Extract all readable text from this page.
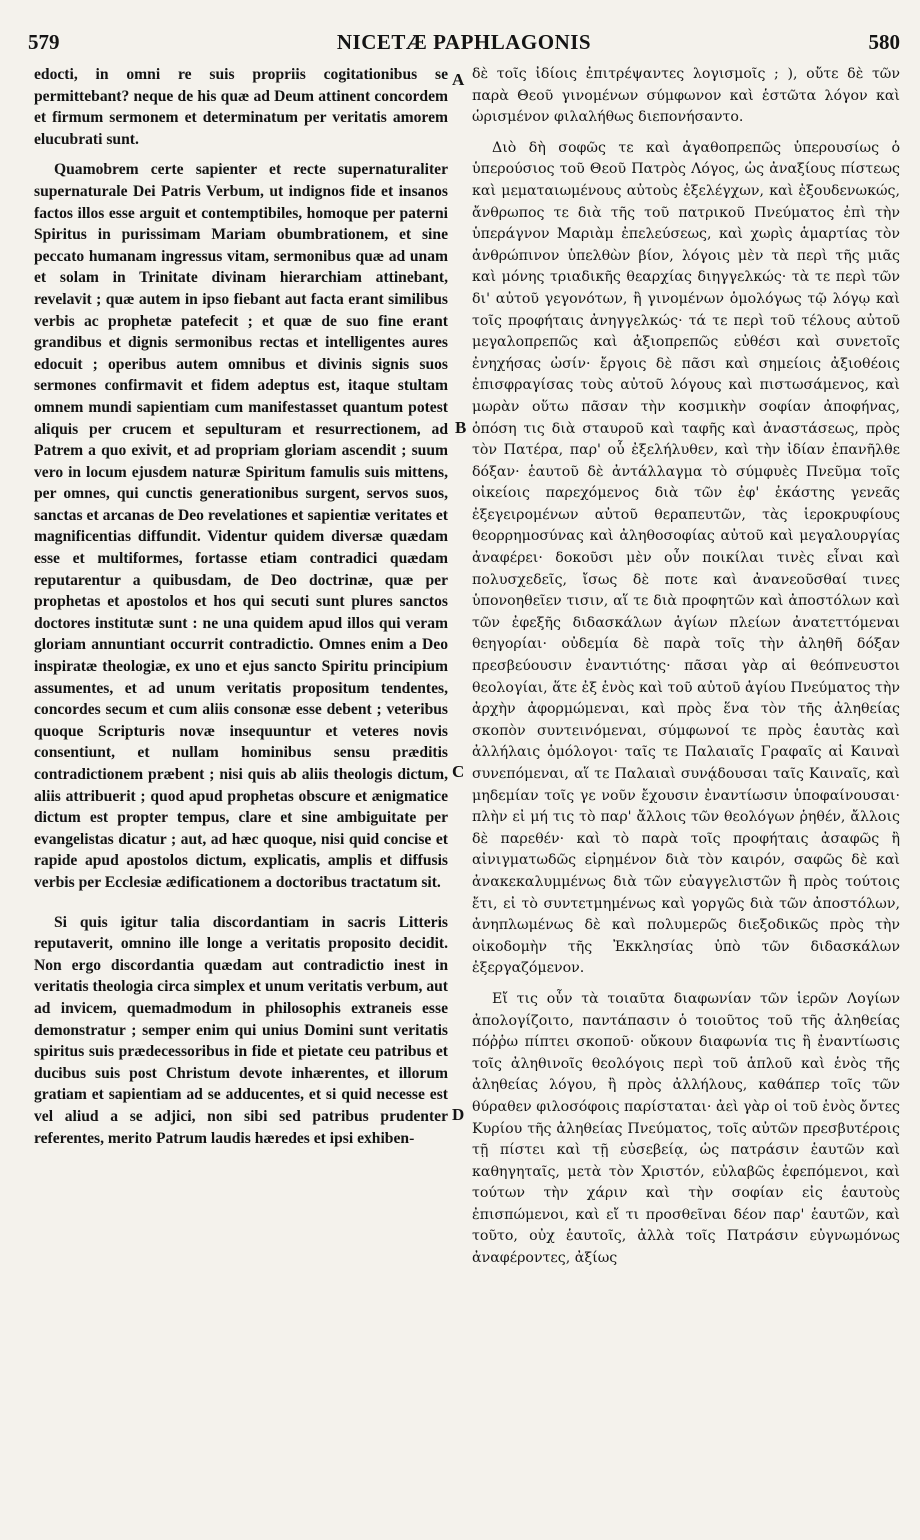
579	NICETÆ PAPHLAGONIS	580
A
B
C
D

edocti, in omni re suis propriis cogitationibus se permittebant? neque de his quæ ad Deum attinent concordem et firmum sermonem et determinatum per veritatis amorem elucubrati sunt.

Quamobrem certe sapienter et recte supernaturaliter supernaturale Dei Patris Verbum, ut indignos fide et insanos factos illos esse arguit et contemptibiles, homoque per paterni Spiritus in purissimam Mariam obumbrationem, et sine peccato humanam ingressus vitam, sermonibus quæ ad unam et solam in Trinitate divinam hierarchiam attinebant, revelavit ; quæ autem in ipso fiebant aut facta erant similibus verbis ac prophetæ patefecit ; et quæ de suo fine erant grandibus et dignis sermonibus rectas et intelligentes aures edocuit ; operibus autem omnibus et divinis signis suos sermones confirmavit et fidem adeptus est, itaque stultam omnem mundi sapientiam cum manifestasset quantum potest aliquis per crucem et sepulturam et resurrectionem, ad Patrem a quo exivit, et ad propriam gloriam ascendit ; suum vero in locum ejusdem naturæ Spiritum famulis suis mittens, per omnes, qui cunctis generationibus surgent, servos suos, sanctas et arcanas de Deo revelationes et sapientiæ veritates et magnificentias diffundit. Videntur quidem diversæ quædam esse et multiformes, fortasse etiam contradici quædam reputarentur a quibusdam, de Deo doctrinæ, quæ per prophetas et apostolos et hos qui secuti sunt plures sanctos doctores institutæ sunt : ne una quidem apud illos qui veram gloriam annuntiant occurrit contradictio. Omnes enim a Deo inspiratæ theologiæ, ex uno et ejus sancto Spiritu principium assumentes, et ad unum veritatis propositum tendentes, concordes secum et cum aliis consonæ esse debent ; veteribus quoque Scripturis novæ insequuntur et veteres novis consentiunt, et nullam hominibus sensu præditis contradictionem præbent ; nisi quis ab aliis theologis dictum, aliis attribuerit ; quod apud prophetas obscure et ænigmatice dictum est propter tempus, clare et sine ambiguitate per evangelistas dicatur ; aut, ad hæc quoque, nisi quid concise et rapide apud apostolos dictum, explicatis, amplis et diffusis verbis per Ecclesiæ ædificationem a doctoribus tractatum sit.

Si quis igitur talia discordantiam in sacris Litteris reputaverit, omnino ille longe a veritatis proposito decidit. Non ergo discordantia quædam aut contradictio inest in veritatis theologia circa simplex et unum veritatis verbum, aut ad invicem, quemadmodum in philosophis extraneis esse demonstratur ; semper enim qui unius Domini sunt veritatis spiritus suis prædecessoribus in fide et pietate ceu patribus et ducibus suis post Christum devote inhærentes, et illorum gratiam et sapientiam ad se adducentes, et si quid necesse est vel aliud a se adjici, non sibi sed patribus prudenter referentes, merito Patrum laudis hæredes et ipsi exhiben-

δὲ τοῖς ἰδίοις ἐπιτρέψαντες λογισμοῖς ; ), οὔτε δὲ τῶν παρὰ Θεοῦ γινομένων σύμφωνον καὶ ἑστῶτα λόγον καὶ ὡρισμένον φιλαλήθως διεπονήσαντο.

Διὸ δὴ σοφῶς τε καὶ ἀγαθοπρεπῶς ὑπερουσίως ὁ ὑπερούσιος τοῦ Θεοῦ Πατρὸς Λόγος, ὡς ἀναξίους πίστεως καὶ μεματαιωμένους αὐτοὺς ἐξελέγχων, καὶ ἐξουδενωκώς, ἄνθρωπος τε διὰ τῆς τοῦ πατρικοῦ Πνεύματος ἐπὶ τὴν ὑπεράγνον Μαριὰμ ἐπελεύσεως, καὶ χωρὶς ἁμαρτίας τὸν ἀνθρώπινον ὑπελθὼν βίον, λόγοις μὲν τὰ περὶ τῆς μιᾶς καὶ μόνης τριαδικῆς θεαρχίας διηγγελκώς· τὰ τε περὶ τῶν δι' αὐτοῦ γεγονότων, ἢ γινομένων ὁμολόγως τῷ λόγῳ καὶ τοῖς προφήταις ἀνηγγελκώς· τά τε περὶ τοῦ τέλους αὐτοῦ μεγαλοπρεπῶς καὶ ἀξιοπρεπῶς εὐθέσι καὶ συνετοῖς ἐνηχήσας ὠσίν· ἔργοις δὲ πᾶσι καὶ σημείοις ἀξιοθέοις ἐπισφραγίσας τοὺς αὐτοῦ λόγους καὶ πιστωσάμενος, καὶ μωρὰν οὕτω πᾶσαν τὴν κοσμικὴν σοφίαν ἀποφήνας, ὁπόση τις διὰ σταυροῦ καὶ ταφῆς καὶ ἀναστάσεως, πρὸς τὸν Πατέρα, παρ' οὗ ἐξελήλυθεν, καὶ τὴν ἰδίαν ἐπανῆλθε δόξαν· ἑαυτοῦ δὲ ἀντάλλαγμα τὸ σύμφυὲς Πνεῦμα τοῖς οἰκείοις παρεχόμενος διὰ τῶν ἐφ' ἑκάστης γενεᾶς ἐξεγειρομένων αὐτοῦ θεραπευτῶν, τὰς ἱεροκρυφίους θεορρημοσύνας καὶ ἀληθοσοφίας αὐτοῦ καὶ μεγαλουργίας ἀναφέρει· δοκοῦσι μὲν οὖν ποικίλαι τινὲς εἶναι καὶ πολυσχεδεῖς, ἴσως δὲ ποτε καὶ ἀνανεοῦσθαί τινες ὑπονοηθεῖεν τισιν, αἵ τε διὰ προφητῶν καὶ ἀποστόλων καὶ τῶν ἐφεξῆς διδασκάλων ἁγίων πλείων ἀνατεττόμεναι θεηγορίαι· οὐδεμία δὲ παρὰ τοῖς τὴν ἀληθῆ δόξαν πρεσβεύουσιν ἐναντιότης· πᾶσαι γὰρ αἱ θεόπνευστοι θεολογίαι, ἅτε ἐξ ἑνὸς καὶ τοῦ αὐτοῦ ἁγίου Πνεύματος τὴν ἀρχὴν ἀφορμώμεναι, καὶ πρὸς ἕνα τὸν τῆς ἀληθείας σκοπὸν συντεινόμεναι, σύμφωνοί τε πρὸς ἑαυτὰς καὶ ἀλλήλαις ὁμόλογοι· ταῖς τε Παλαιαῖς Γραφαῖς αἱ Καιναὶ συνεπόμεναι, αἵ τε Παλαιαὶ συνᾴδουσαι ταῖς Καιναῖς, καὶ μηδεμίαν τοῖς γε νοῦν ἔχουσιν ἐναντίωσιν ὑποφαίνουσαι· πλὴν εἰ μή τις τὸ παρ' ἄλλοις τῶν θεολόγων ῥηθέν, ἄλλοις δὲ παρεθέν· καὶ τὸ παρὰ τοῖς προφήταις ἀσαφῶς ἢ αἰνιγματωδῶς εἰρημένον διὰ τὸν καιρόν, σαφῶς δὲ καὶ ἀνακεκαλυμμένως διὰ τῶν εὐαγγελιστῶν ἢ πρὸς τούτοις ἔτι, εἰ τὸ συντετμημένως καὶ γοργῶς διὰ τῶν ἀποστόλων, ἀνηπλωμένως δὲ καὶ πολυμερῶς διεξοδικῶς πρὸς τὴν οἰκοδομὴν τῆς Ἐκκλησίας ὑπὸ τῶν διδασκάλων ἐξεργαζόμενον.

Εἴ τις οὖν τὰ τοιαῦτα διαφωνίαν τῶν ἱερῶν Λογίων ἀπολογίζοιτο, παντάπασιν ὁ τοιοῦτος τοῦ τῆς ἀληθείας πόῤῥω πίπτει σκοποῦ· οὔκουν διαφωνία τις ἢ ἐναντίωσις τοῖς ἀληθινοῖς θεολόγοις περὶ τοῦ ἁπλοῦ καὶ ἑνὸς τῆς ἀληθείας λόγου, ἢ πρὸς ἀλλήλους, καθάπερ τοῖς τῶν θύραθεν φιλοσόφοις παρίσταται· ἀεὶ γὰρ οἱ τοῦ ἑνὸς ὄντες Κυρίου τῆς ἀληθείας Πνεύματος, τοῖς αὐτῶν πρεσβυτέροις τῇ πίστει καὶ τῇ εὐσεβείᾳ, ὡς πατράσιν ἑαυτῶν καὶ καθηγηταῖς, μετὰ τὸν Χριστόν, εὐλαβῶς ἐφεπόμενοι, καὶ τούτων τὴν χάριν καὶ τὴν σοφίαν εἰς ἑαυτοὺς ἐπισπώμενοι, καὶ εἴ τι προσθεῖναι δέον παρ' ἑαυτῶν, καὶ τοῦτο, οὐχ ἑαυτοῖς, ἀλλὰ τοῖς Πατράσιν εὐγνωμόνως ἀναφέροντες, ἀξίως
